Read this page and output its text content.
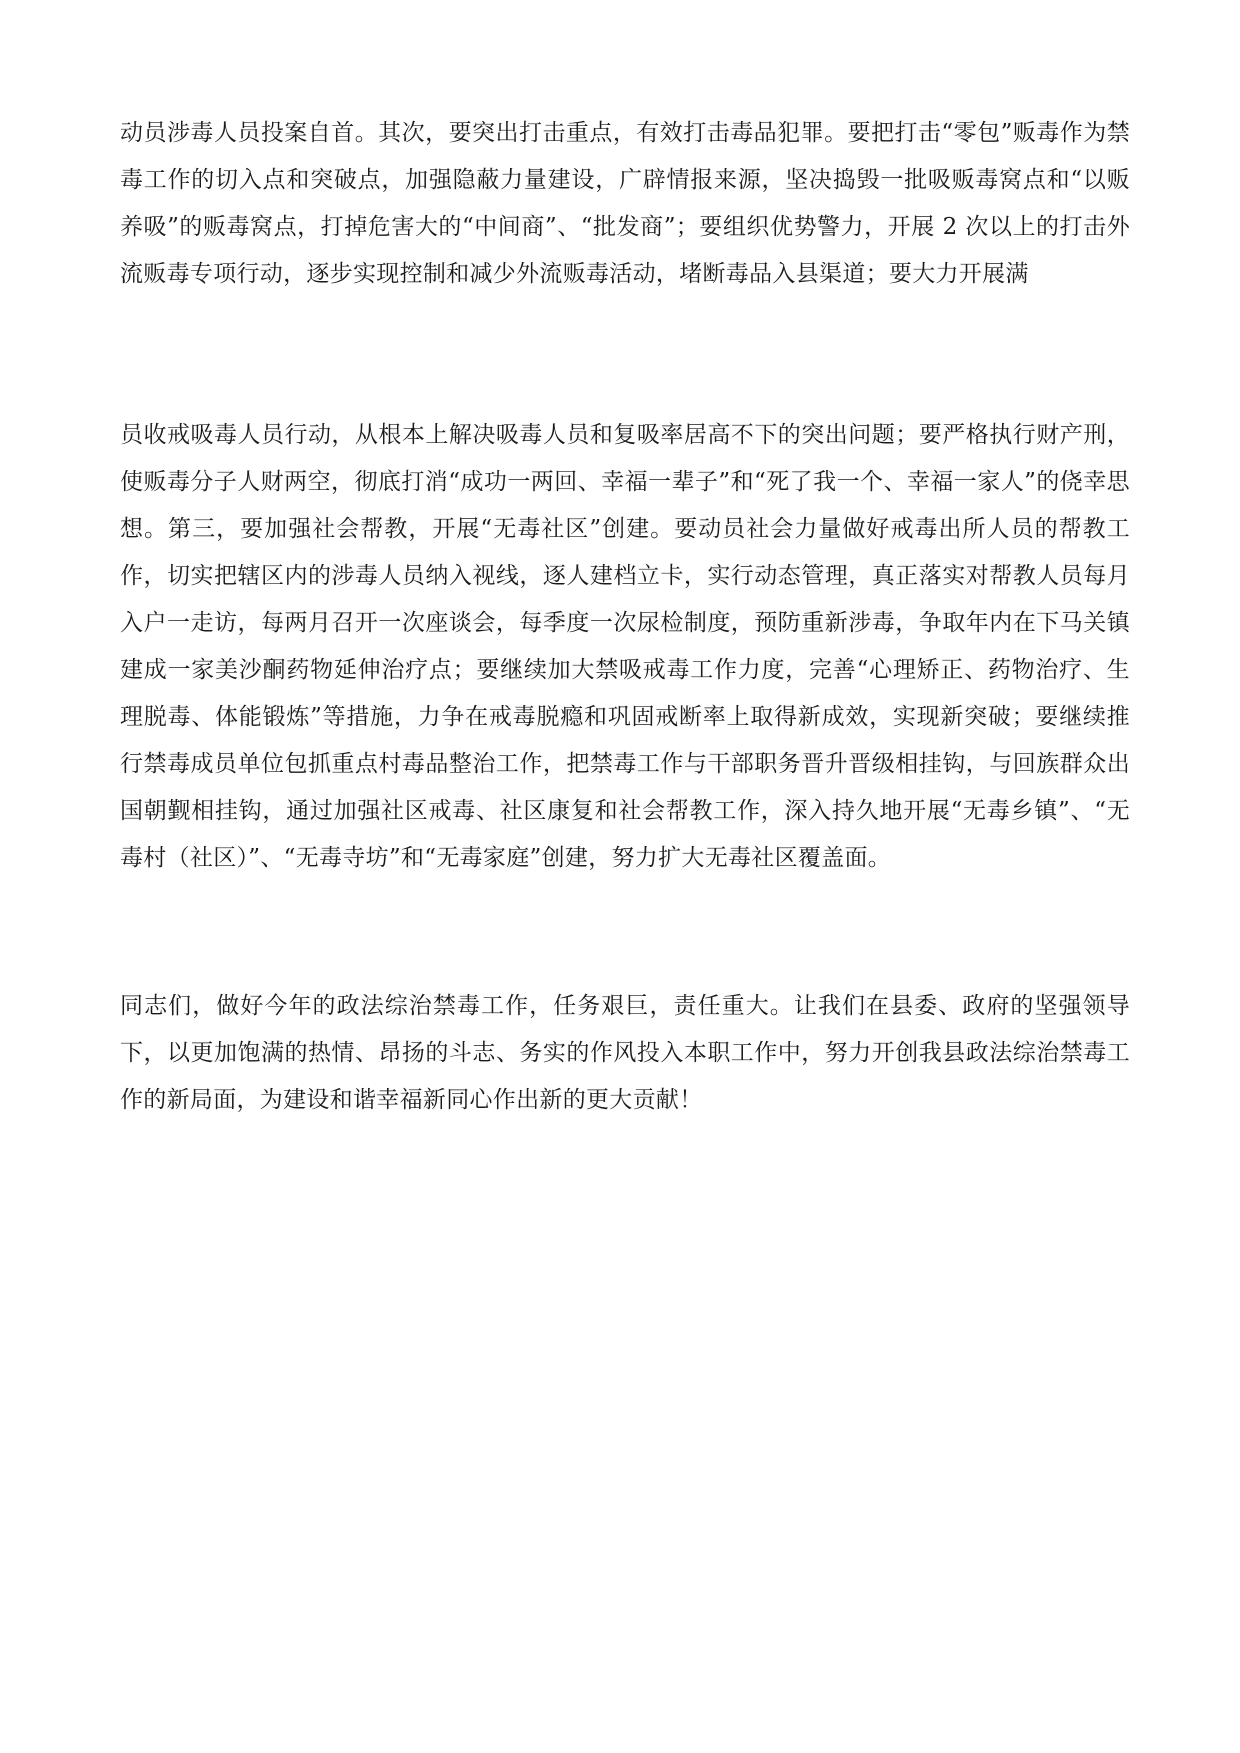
动员涉毒人员投案自首。其次，要突出打击重点，有效打击毒品犯罪。要把打击“零包”贩毒作为禁毒工作的切入点和突破点，加强隐蔽力量建设，广辟情报来源，坚决捣毁一批吸贩毒窝点和“以贩养吸”的贩毒窝点，打掉危害大的“中间商”、“批发商”；要组织优势警力，开展 2 次以上的打击外流贩毒专项行动，逐步实现控制和减少外流贩毒活动，堵断毒品入县渠道；要大力开展满

员收戒吸毒人员行动，从根本上解决吸毒人员和复吸率居高不下的突出问题；要严格执行财产刑，使贩毒分子人财两空，彻底打消“成功一两回、幸福一辈子”和“死了我一个、幸福一家人”的侥幸思想。第三，要加强社会帮教，开展“无毒社区”创建。要动员社会力量做好戒毒出所人员的帮教工作，切实把辖区内的涉毒人员纳入视线，逐人建档立卡，实行动态管理，真正落实对帮教人员每月入户一走访，每两月召开一次座谈会，每季度一次尿检制度，预防重新涉毒，争取年内在下马关镇建成一家美沙酮药物延伸治疗点；要继续加大禁吸戒毒工作力度，完善“心理矫正、药物治疗、生理脱毒、体能锻炼”等措施，力争在戒毒脱瘾和巩固戒断率上取得新成效，实现新突破；要继续推行禁毒成员单位包抓重点村毒品整治工作，把禁毒工作与干部职务晋升晋级相挂钩，与回族群众出国朝觐相挂钩，通过加强社区戒毒、社区康复和社会帮教工作，深入持久地开展“无毒乡镇”、“无毒村（社区）”、“无毒寺坊”和“无毒家庭”创建，努力扩大无毒社区覆盖面。

同志们，做好今年的政法综治禁毒工作，任务艰巨，责任重大。让我们在县委、政府的坚强领导下，以更加饱满的热情、昂扬的斗志、务实的作风投入本职工作中，努力开创我县政法综治禁毒工作的新局面，为建设和谐幸福新同心作出新的更大贡献！
